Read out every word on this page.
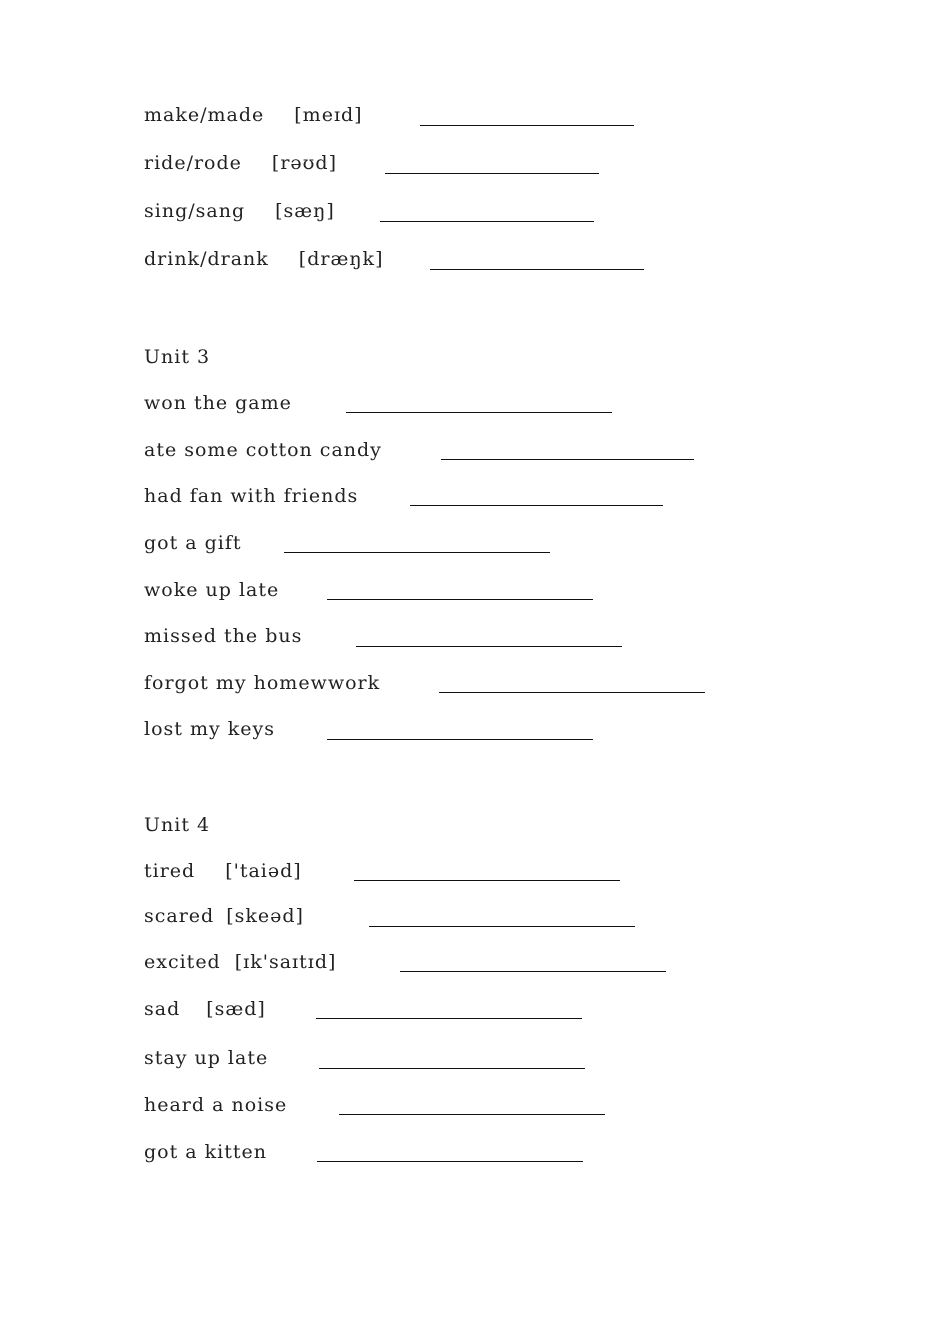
make/made [meɪd]
ride/rode [rəʊd]
sing/sang [sæŋ]
drink/drank [dræŋk]
Unit 3
won the game
ate some cotton candy
had fan with friends
got a gift
woke up late
missed the bus
forgot my homewwork
lost my keys
Unit 4
tired ['taiəd]
scared [skeəd]
excited [ɪk'saɪtɪd]
sad [sæd]
stay up late
heard a noise
got a kitten
